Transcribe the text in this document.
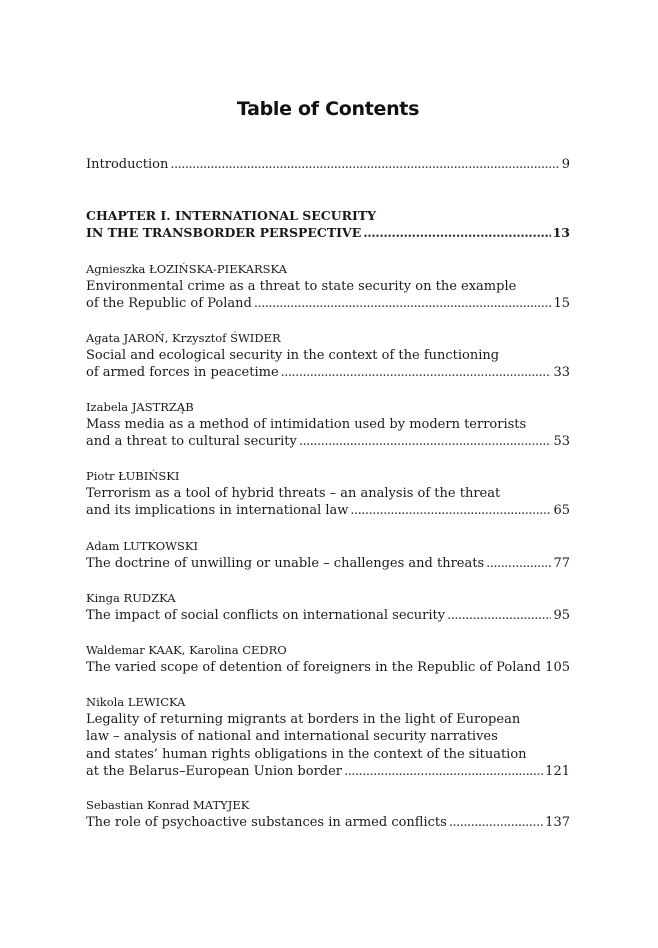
Table of Contents
Introduction .....	9
CHAPTER I. INTERNATIONAL SECURITY
IN THE TRANSBORDER PERSPECTIVE .....	13
Agnieszka ŁOZIŃSKA-PIEKARSKA
Environmental crime as a threat to state security on the example
of the Republic of Poland .....	15
Agata JAROŃ, Krzysztof ŚWIDER
Social and ecological security in the context of the functioning
of armed forces in peacetime .....	33
Izabela JASTRZĄB
Mass media as a method of intimidation used by modern terrorists
and a threat to cultural security .....	53
Piotr ŁUBIŃSKI
Terrorism as a tool of hybrid threats – an analysis of the threat
and its implications in international law .....	65
Adam LUTKOWSKI
The doctrine of unwilling or unable – challenges and threats .....	77
Kinga RUDZKA
The impact of social conflicts on international security .....	95
Waldemar KAAK, Karolina CEDRO
The varied scope of detention of foreigners in the Republic of Poland ..... 105
Nikola LEWICKA
Legality of returning migrants at borders in the light of European
law – analysis of national and international security narratives
and states’ human rights obligations in the context of the situation
at the Belarus–European Union border .....	121
Sebastian Konrad MATYJEK
The role of psychoactive substances in armed conflicts .....	137
